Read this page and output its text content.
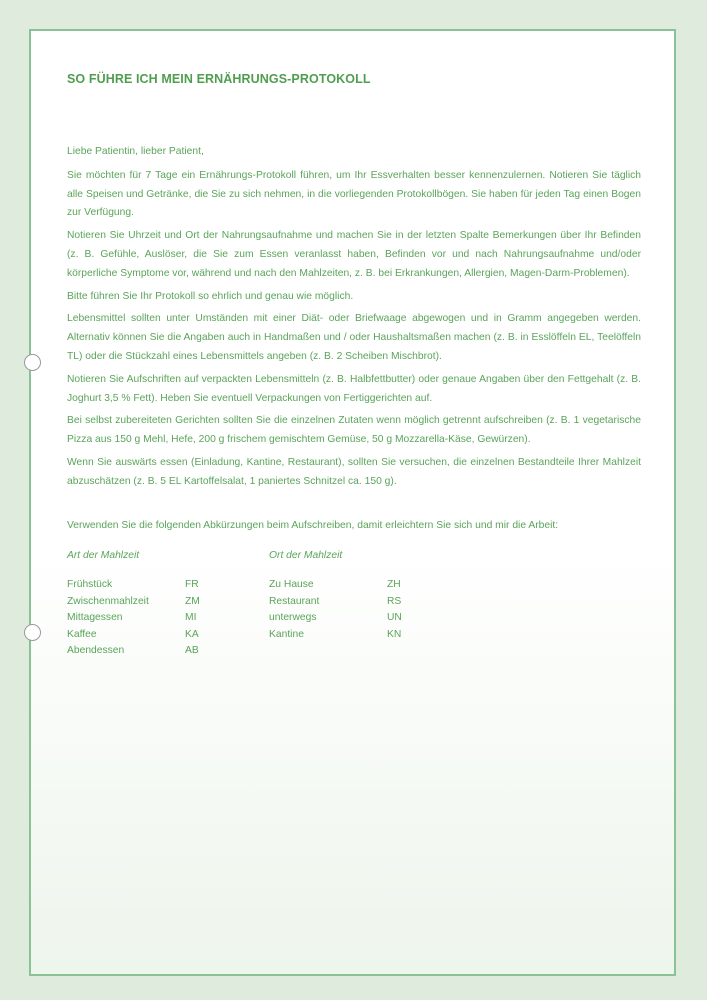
SO FÜHRE ICH MEIN ERNÄHRUNGS-PROTOKOLL

Liebe Patientin, lieber Patient,

Sie möchten für 7 Tage ein Ernährungs-Protokoll führen, um Ihr Essverhalten besser kennenzulernen. Notieren Sie täglich alle Speisen und Getränke, die Sie zu sich nehmen, in die vorliegenden Protokollbögen. Sie haben für jeden Tag einen Bogen zur Verfügung.

Notieren Sie Uhrzeit und Ort der Nahrungsaufnahme und machen Sie in der letzten Spalte Bemerkungen über Ihr Befinden (z. B. Gefühle, Auslöser, die Sie zum Essen veranlasst haben, Befinden vor und nach Nahrungsaufnahme und/oder körperliche Symptome vor, während und nach den Mahlzeiten, z. B. bei Erkrankungen, Allergien, Magen-Darm-Problemen).

Bitte führen Sie Ihr Protokoll so ehrlich und genau wie möglich.

Lebensmittel sollten unter Umständen mit einer Diät- oder Briefwaage abgewogen und in Gramm angegeben werden. Alternativ können Sie die Angaben auch in Handmaßen und / oder Haushaltsmaßen machen (z. B. in Esslöffeln EL, Teelöffeln TL) oder die Stückzahl eines Lebensmittels angeben (z. B. 2 Scheiben Mischbrot).

Notieren Sie Aufschriften auf verpackten Lebensmitteln (z. B. Halbfettbutter) oder genaue Angaben über den Fettgehalt (z. B. Joghurt 3,5 % Fett). Heben Sie eventuell Verpackungen von Fertiggerichten auf.

Bei selbst zubereiteten Gerichten sollten Sie die einzelnen Zutaten wenn möglich getrennt aufschreiben (z. B. 1 vegetarische Pizza aus 150 g Mehl, Hefe, 200 g frischem gemischtem Gemüse, 50 g Mozzarella-Käse, Gewürzen).

Wenn Sie auswärts essen (Einladung, Kantine, Restaurant), sollten Sie versuchen, die einzelnen Bestandteile Ihrer Mahlzeit abzuschätzen (z. B. 5 EL Kartoffelsalat, 1 paniertes Schnitzel ca. 150 g).

Verwenden Sie die folgenden Abkürzungen beim Aufschreiben, damit erleichtern Sie sich und mir die Arbeit:
Art der Mahlzeit
Frühstück	FR
Zwischenmahlzeit	ZM
Mittagessen	MI
Kaffee	KA
Abendessen	AB
Ort der Mahlzeit
Zu Hause	ZH
Restaurant	RS
unterwegs	UN
Kantine	KN
